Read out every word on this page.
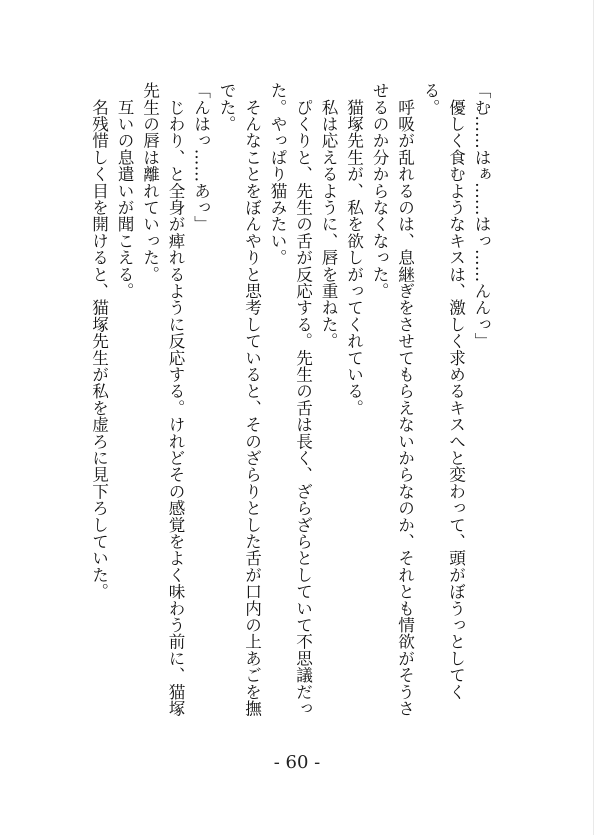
「む……はぁ……はっ……んんっ」

　優しく食むようなキスは、激しく求めるキスへと変わって、頭がぼうっとしてくる。

　呼吸が乱れるのは、息継ぎをさせてもらえないからなのか、それとも情欲がそうさせるのか分からなくなった。

　猫塚先生が、私を欲しがってくれている。

　私は応えるように、唇を重ねた。

　ぴくりと、先生の舌が反応する。先生の舌は長く、ざらざらとしていて不思議だった。やっぱり猫みたい。

　そんなことをぼんやりと思考していると、そのざらりとした舌が口内の上あごを撫でた。

「んはっ……あっ」

　じわり、と全身が痺れるように反応する。けれどその感覚をよく味わう前に、猫塚先生の唇は離れていった。

　互いの息遣いが聞こえる。

　名残惜しく目を開けると、猫塚先生が私を虚ろに見下ろしていた。

- 60 -
